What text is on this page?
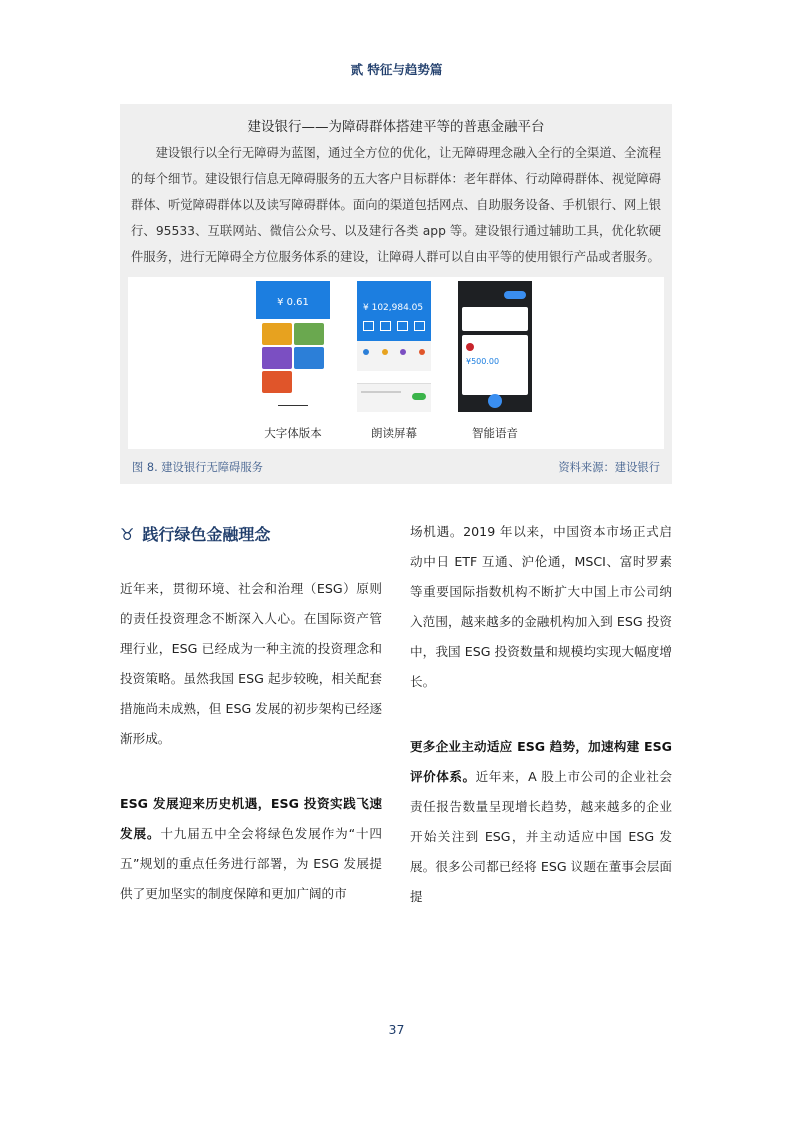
贰 特征与趋势篇
建设银行——为障碍群体搭建平等的普惠金融平台

建设银行以全行无障碍为蓝图，通过全方位的优化，让无障碍理念融入全行的全渠道、全流程的每个细节。建设银行信息无障碍服务的五大客户目标群体：老年群体、行动障碍群体、视觉障碍群体、听觉障碍群体以及读写障碍群体。面向的渠道包括网点、自助服务设备、手机银行、网上银行、95533、互联网站、微信公众号、以及建行各类 app 等。建设银行通过辅助工具，优化软硬件服务，进行无障碍全方位服务体系的建设，让障碍人群可以自由平等的使用银行产品或者服务。

¥ 0.61
大字体版本
¥ 102,984.05
朗读屏幕
¥500.00
智能语音
图 8. 建设银行无障碍服务	资料来源：建设银行
♉ 践行绿色金融理念

近年来，贯彻环境、社会和治理（ESG）原则的责任投资理念不断深入人心。在国际资产管理行业，ESG 已经成为一种主流的投资理念和投资策略。虽然我国 ESG 起步较晚，相关配套措施尚未成熟，但 ESG 发展的初步架构已经逐渐形成。

ESG 发展迎来历史机遇，ESG 投资实践飞速发展。十九届五中全会将绿色发展作为“十四五”规划的重点任务进行部署，为 ESG 发展提供了更加坚实的制度保障和更加广阔的市

场机遇。2019 年以来，中国资本市场正式启动中日 ETF 互通、沪伦通，MSCI、富时罗素等重要国际指数机构不断扩大中国上市公司纳入范围，越来越多的金融机构加入到 ESG 投资中，我国 ESG 投资数量和规模均实现大幅度增长。

更多企业主动适应 ESG 趋势，加速构建 ESG 评价体系。近年来，A 股上市公司的企业社会责任报告数量呈现增长趋势，越来越多的企业开始关注到 ESG，并主动适应中国 ESG 发展。很多公司都已经将 ESG 议题在董事会层面提

37
